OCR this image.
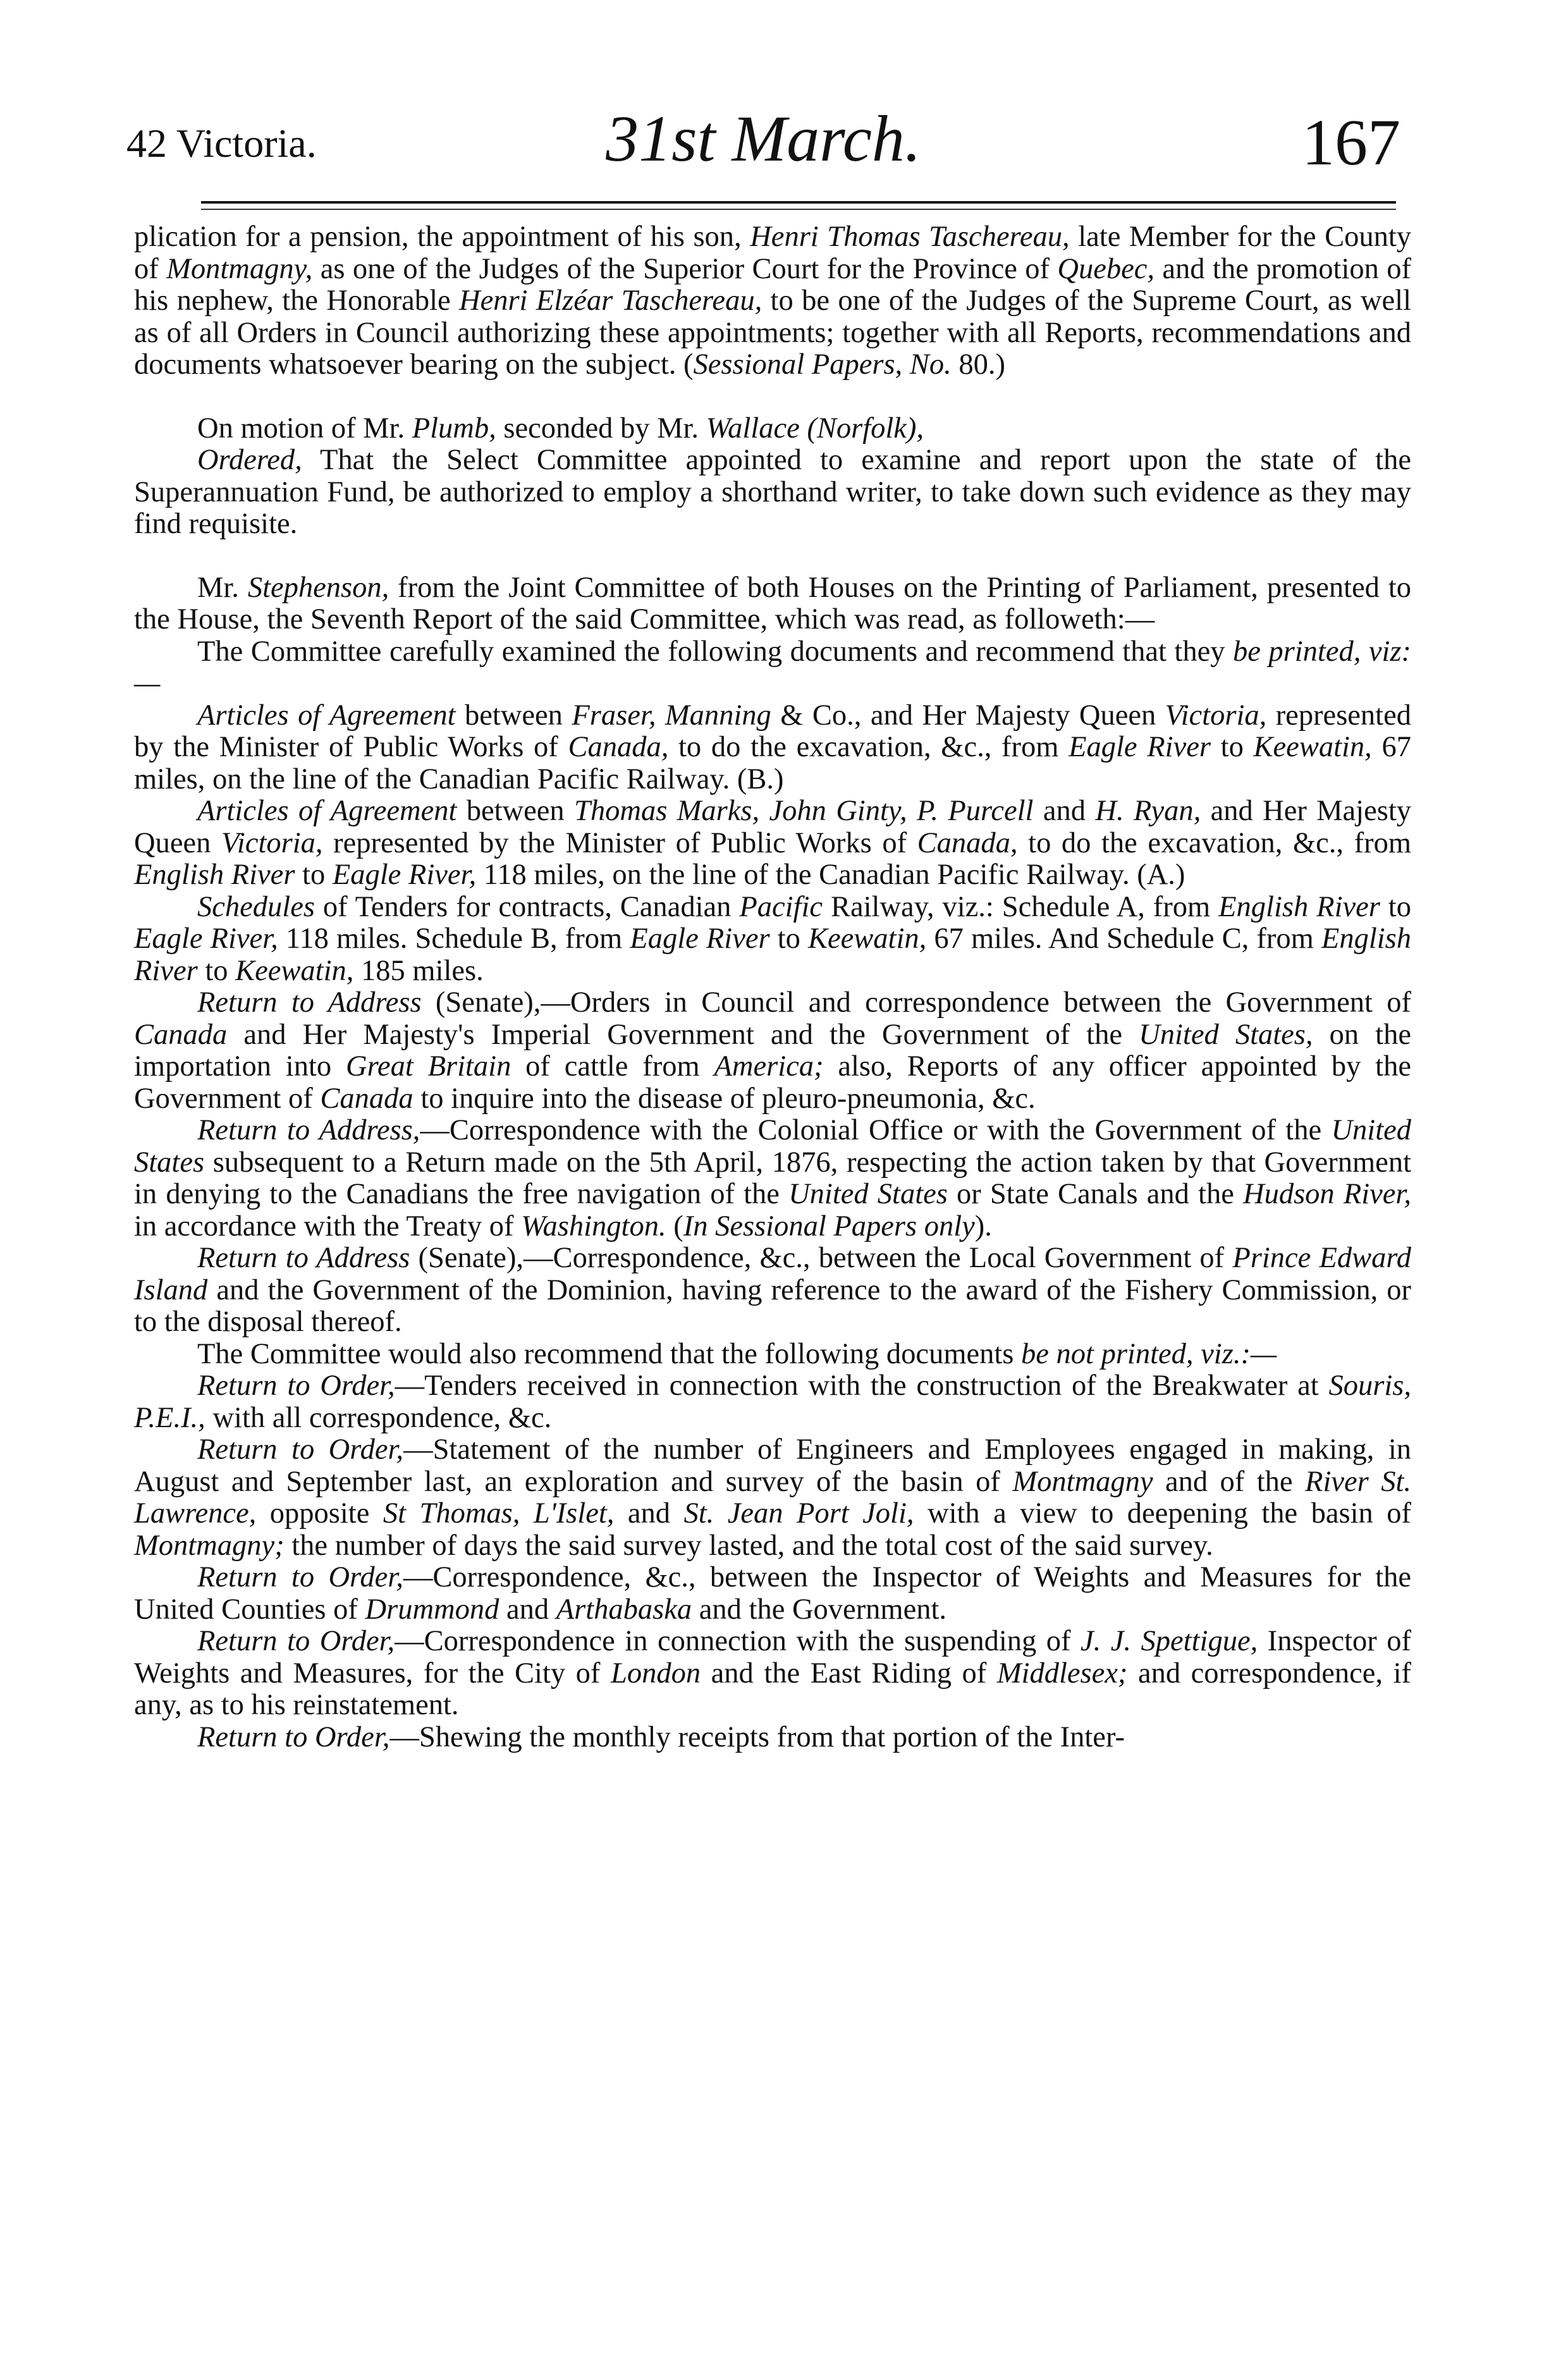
42 Victoria.	31st March.	167

plication for a pension, the appointment of his son, Henri Thomas Taschereau, late Member for the County of Montmagny, as one of the Judges of the Superior Court for the Province of Quebec, and the promotion of his nephew, the Honorable Henri Elzéar Taschereau, to be one of the Judges of the Supreme Court, as well as of all Orders in Council authorizing these appointments; together with all Reports, recommendations and documents whatsoever bearing on the subject. (Sessional Papers, No. 80.)

On motion of Mr. Plumb, seconded by Mr. Wallace (Norfolk),

Ordered, That the Select Committee appointed to examine and report upon the state of the Superannuation Fund, be authorized to employ a shorthand writer, to take down such evidence as they may find requisite.

Mr. Stephenson, from the Joint Committee of both Houses on the Printing of Parliament, presented to the House, the Seventh Report of the said Committee, which was read, as followeth:—

The Committee carefully examined the following documents and recommend that they be printed, viz:—

Articles of Agreement between Fraser, Manning & Co., and Her Majesty Queen Victoria, represented by the Minister of Public Works of Canada, to do the excavation, &c., from Eagle River to Keewatin, 67 miles, on the line of the Canadian Pacific Railway. (B.)

Articles of Agreement between Thomas Marks, John Ginty, P. Purcell and H. Ryan, and Her Majesty Queen Victoria, represented by the Minister of Public Works of Canada, to do the excavation, &c., from English River to Eagle River, 118 miles, on the line of the Canadian Pacific Railway. (A.)

Schedules of Tenders for contracts, Canadian Pacific Railway, viz.: Schedule A, from English River to Eagle River, 118 miles. Schedule B, from Eagle River to Keewatin, 67 miles. And Schedule C, from English River to Keewatin, 185 miles.

Return to Address (Senate),—Orders in Council and correspondence between the Government of Canada and Her Majesty's Imperial Government and the Government of the United States, on the importation into Great Britain of cattle from America; also, Reports of any officer appointed by the Government of Canada to inquire into the disease of pleuro-pneumonia, &c.

Return to Address,—Correspondence with the Colonial Office or with the Government of the United States subsequent to a Return made on the 5th April, 1876, respecting the action taken by that Government in denying to the Canadians the free navigation of the United States or State Canals and the Hudson River, in accordance with the Treaty of Washington. (In Sessional Papers only).

Return to Address (Senate),—Correspondence, &c., between the Local Government of Prince Edward Island and the Government of the Dominion, having reference to the award of the Fishery Commission, or to the disposal thereof.

The Committee would also recommend that the following documents be not printed, viz.:—

Return to Order,—Tenders received in connection with the construction of the Breakwater at Souris, P.E.I., with all correspondence, &c.

Return to Order,—Statement of the number of Engineers and Employees engaged in making, in August and September last, an exploration and survey of the basin of Montmagny and of the River St. Lawrence, opposite St Thomas, L'Islet, and St. Jean Port Joli, with a view to deepening the basin of Montmagny; the number of days the said survey lasted, and the total cost of the said survey.

Return to Order,—Correspondence, &c., between the Inspector of Weights and Measures for the United Counties of Drummond and Arthabaska and the Government.

Return to Order,—Correspondence in connection with the suspending of J. J. Spettigue, Inspector of Weights and Measures, for the City of London and the East Riding of Middlesex; and correspondence, if any, as to his reinstatement.

Return to Order,—Shewing the monthly receipts from that portion of the Inter-
